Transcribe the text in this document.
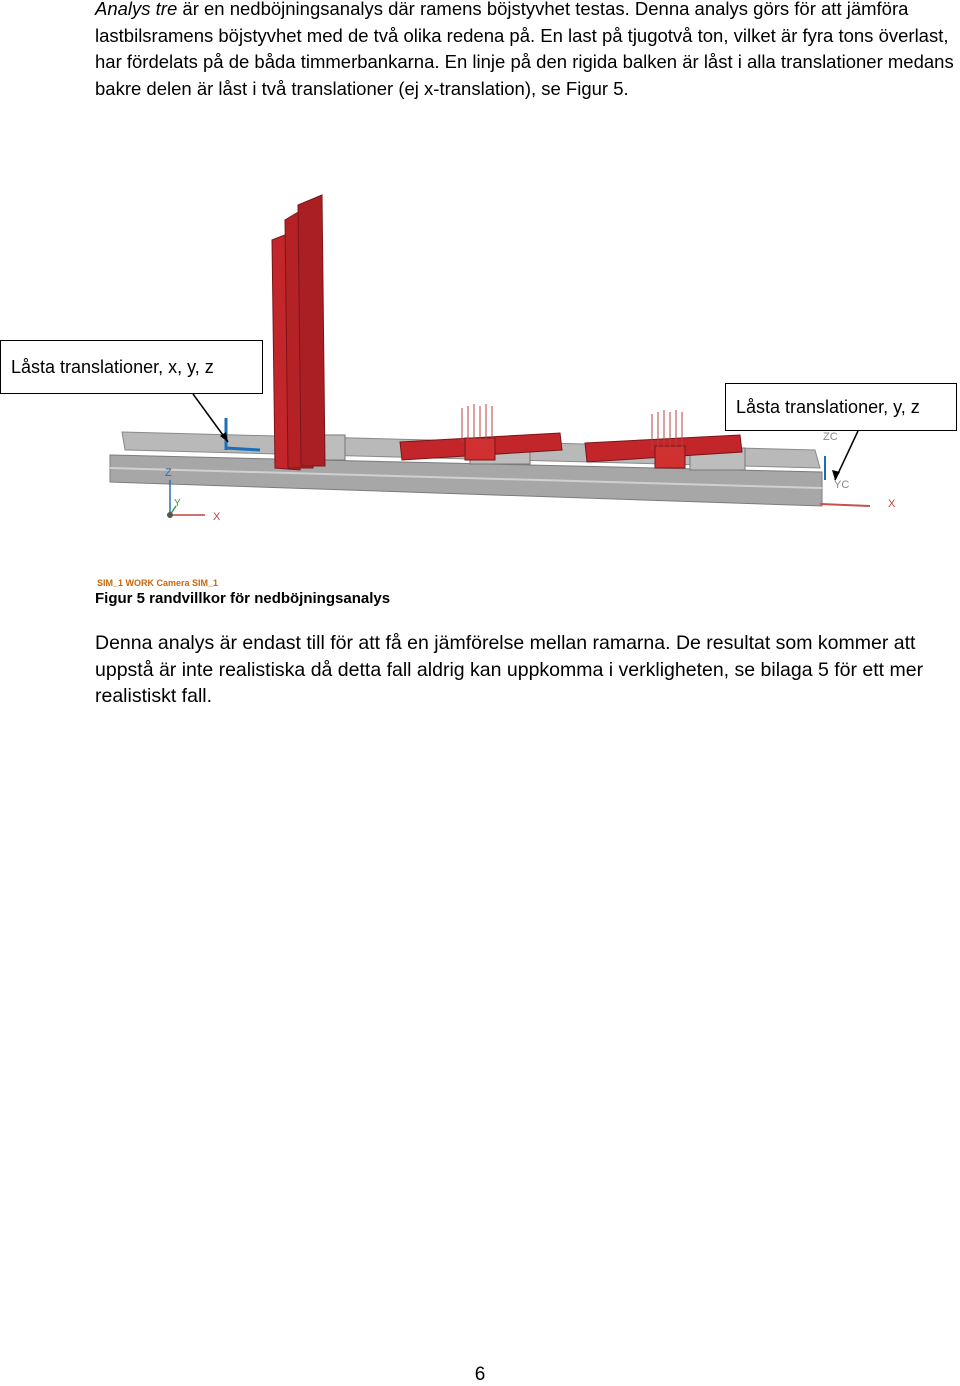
Analys tre är en nedböjningsanalys där ramens böjstyvhet testas. Denna analys görs för att jämföra lastbilsramens böjstyvhet med de två olika redena på. En last på tjugotvå ton, vilket är fyra tons överlast, har fördelats på de båda timmerbankarna. En linje på den rigida balken är låst i alla translationer medans bakre delen är låst i två translationer (ej x-translation), se Figur 5.

Z
Y
X
ZC
YC
X
Låsta translationer, x, y, z
Låsta translationer, y, z
SIM_1 WORK Camera SIM_1
Figur 5 randvillkor för nedböjningsanalys

Denna analys är endast till för att få en jämförelse mellan ramarna. De resultat som kommer att uppstå är inte realistiska då detta fall aldrig kan uppkomma i verkligheten, se bilaga 5 för ett mer realistiskt fall.

6
